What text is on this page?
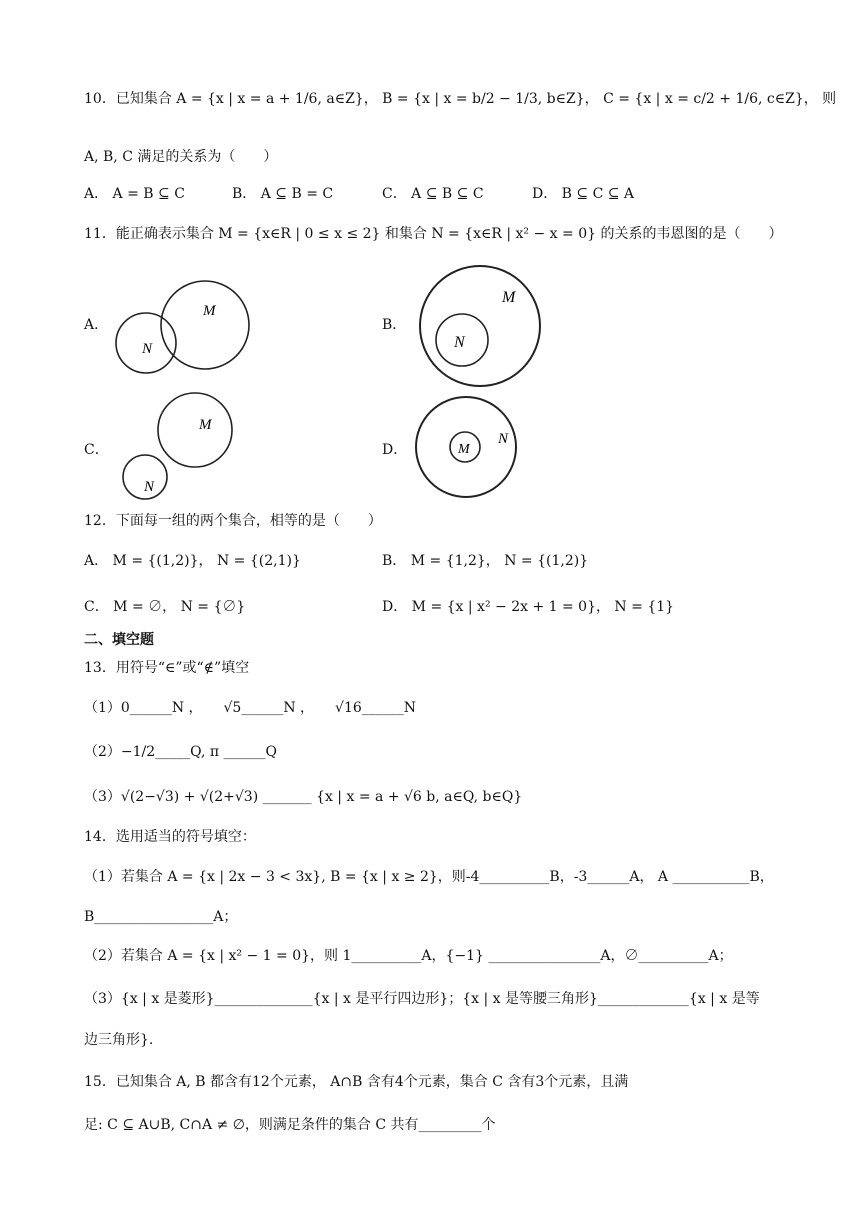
10．已知集合 A = {x | x = a + 1/6, a∈Z}， B = {x | x = b/2 − 1/3, b∈Z}， C = {x | x = c/2 + 1/6, c∈Z}， 则
A, B, C 满足的关系为（　　）
A． A = B ⊆ C	B． A ⊆ B = C	C． A ⊆ B ⊆ C	D． B ⊆ C ⊆ A
11．能正确表示集合 M = {x∈R | 0 ≤ x ≤ 2} 和集合 N = {x∈R | x² − x = 0} 的关系的韦恩图的是（　　）
A．
M
N
B．
M
N
C．
M
N
D．	M
N
12．下面每一组的两个集合，相等的是（　　）
A． M = {(1,2)}， N = {(2,1)}	B． M = {1,2}， N = {(1,2)}
C． M = ∅， N = {∅}	D． M = {x | x² − 2x + 1 = 0}， N = {1}
二、填空题
13．用符号“∈”或“∉”填空
（1）0______N ，　　√5______N ，　　√16______N
（2）−1/2_____Q, π ______Q
（3）√(2−√3) + √(2+√3) _______ {x | x = a + √6 b, a∈Q, b∈Q}
14．选用适当的符号填空：
（1）若集合 A = {x | 2x − 3 < 3x}, B = {x | x ≥ 2}，则-4__________B，-3______A， A ___________B，
B_________________A；
（2）若集合 A = {x | x² − 1 = 0}，则 1__________A，{−1} ________________A，∅__________A；
（3）{x | x 是菱形}______________{x | x 是平行四边形}；{x | x 是等腰三角形}_____________{x | x 是等
边三角形}.
15．已知集合 A, B 都含有12个元素， A∩B 含有4个元素，集合 C 含有3个元素，且满
足: C ⊆ A∪B, C∩A ≠ ∅，则满足条件的集合 C 共有_________个
